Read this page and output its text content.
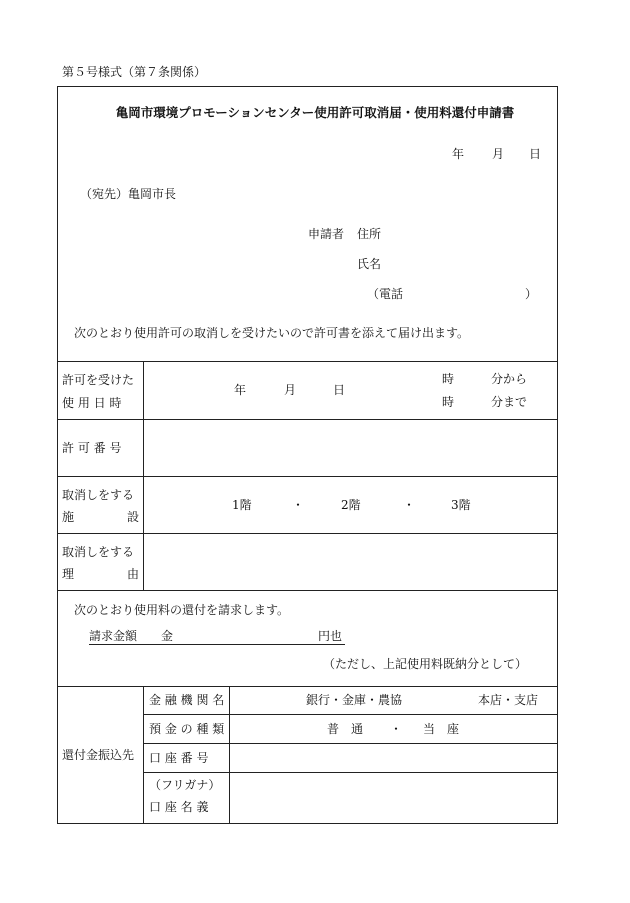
第５号様式（第７条関係）
亀岡市環境プロモーションセンター使用許可取消届・使用料還付申請書
年 月 日
（宛先）亀岡市長
申請者 住所
氏名
（電話	）
次のとおり使用許可の取消しを受けたいので許可書を添えて届け出ます。
許可を受けた
使 用 日 時
年	月	日
時	分から
時	分まで
許 可 番 号
取消しをする
施	設
1階	・	2階	・	3階
取消しをする
理	由
次のとおり使用料の還付を請求します。
請求金額	金	円也
（ただし、上記使用料既納分として）
還付金振込先
金 融 機 関 名	銀行・金庫・農協	本店・支店
預 金 の 種 類	普　通 ・ 当　座
口 座 番 号
（フリガナ）
口 座 名 義
